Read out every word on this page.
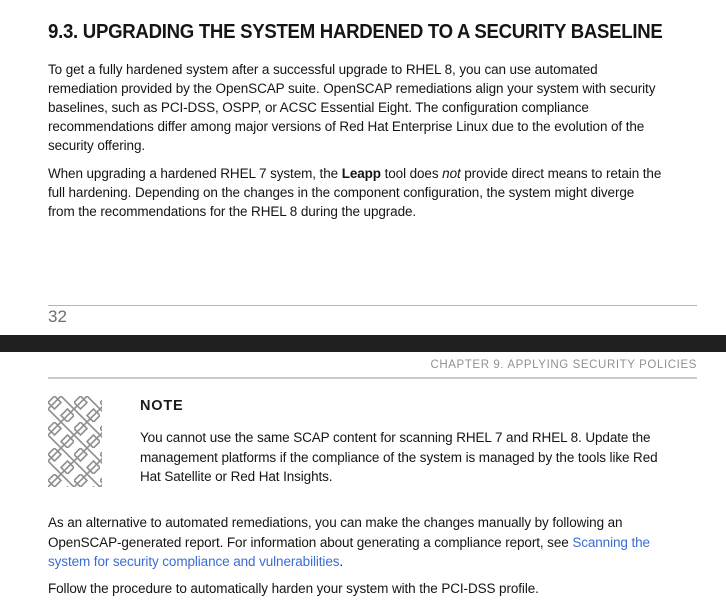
9.3. UPGRADING THE SYSTEM HARDENED TO A SECURITY BASELINE

To get a fully hardened system after a successful upgrade to RHEL 8, you can use automated
remediation provided by the OpenSCAP suite. OpenSCAP remediations align your system with security
baselines, such as PCI-DSS, OSPP, or ACSC Essential Eight. The configuration compliance
recommendations differ among major versions of Red Hat Enterprise Linux due to the evolution of the
security offering.

When upgrading a hardened RHEL 7 system, the Leapp tool does not provide direct means to retain the
full hardening. Depending on the changes in the component configuration, the system might diverge
from the recommendations for the RHEL 8 during the upgrade.

32
CHAPTER 9. APPLYING SECURITY POLICIES

NOTE

You cannot use the same SCAP content for scanning RHEL 7 and RHEL 8. Update the
management platforms if the compliance of the system is managed by the tools like Red
Hat Satellite or Red Hat Insights.

As an alternative to automated remediations, you can make the changes manually by following an
OpenSCAP-generated report. For information about generating a compliance report, see Scanning the
system for security compliance and vulnerabilities.

Follow the procedure to automatically harden your system with the PCI-DSS profile.
